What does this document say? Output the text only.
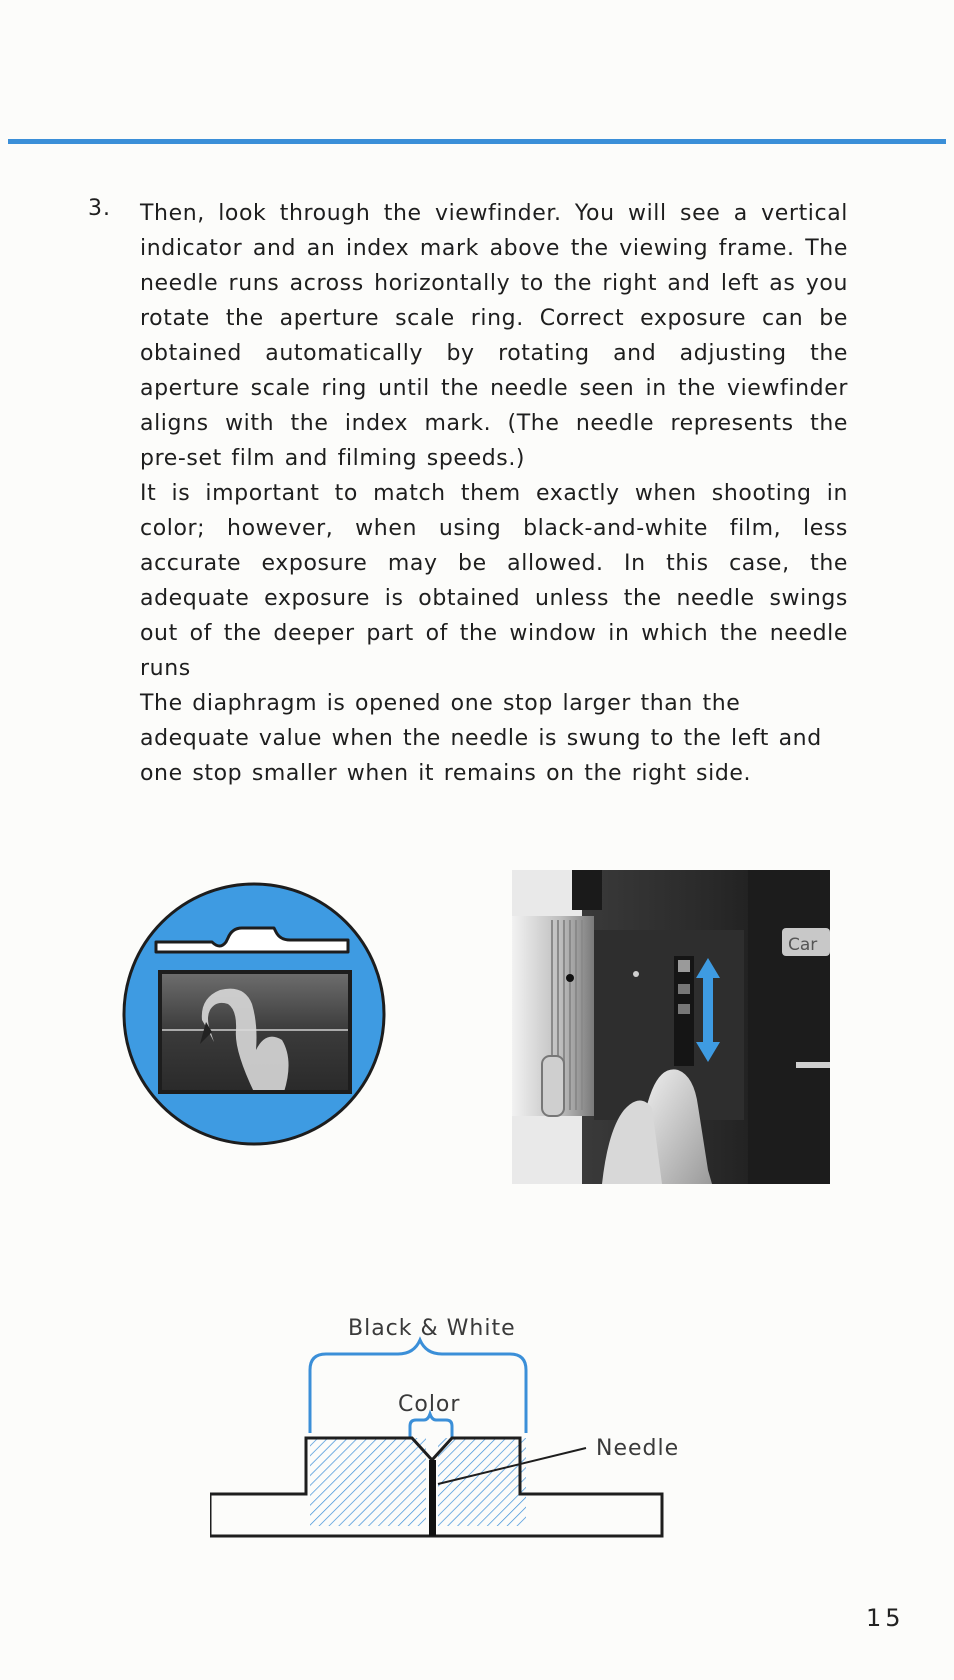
3. Then, look through the viewfinder. You will see a vertical indicator and an index mark above the viewing frame. The needle runs across horizontally to the right and left as you rotate the aperture scale ring. Correct exposure can be obtained automatically by rotating and adjusting the aperture scale ring until the needle seen in the viewfinder aligns with the index mark. (The needle represents the pre-set film and filming speeds.)

It is important to match them exactly when shooting in color; however, when using black-and-white film, less accurate exposure may be allowed. In this case, the adequate exposure is obtained unless the needle swings out of the deeper part of the window in which the needle runs

The diaphragm is opened one stop larger than the adequate value when the needle is swung to the left and one stop smaller when it remains on the right side.

Car
Black & White
Color
Needle
15
